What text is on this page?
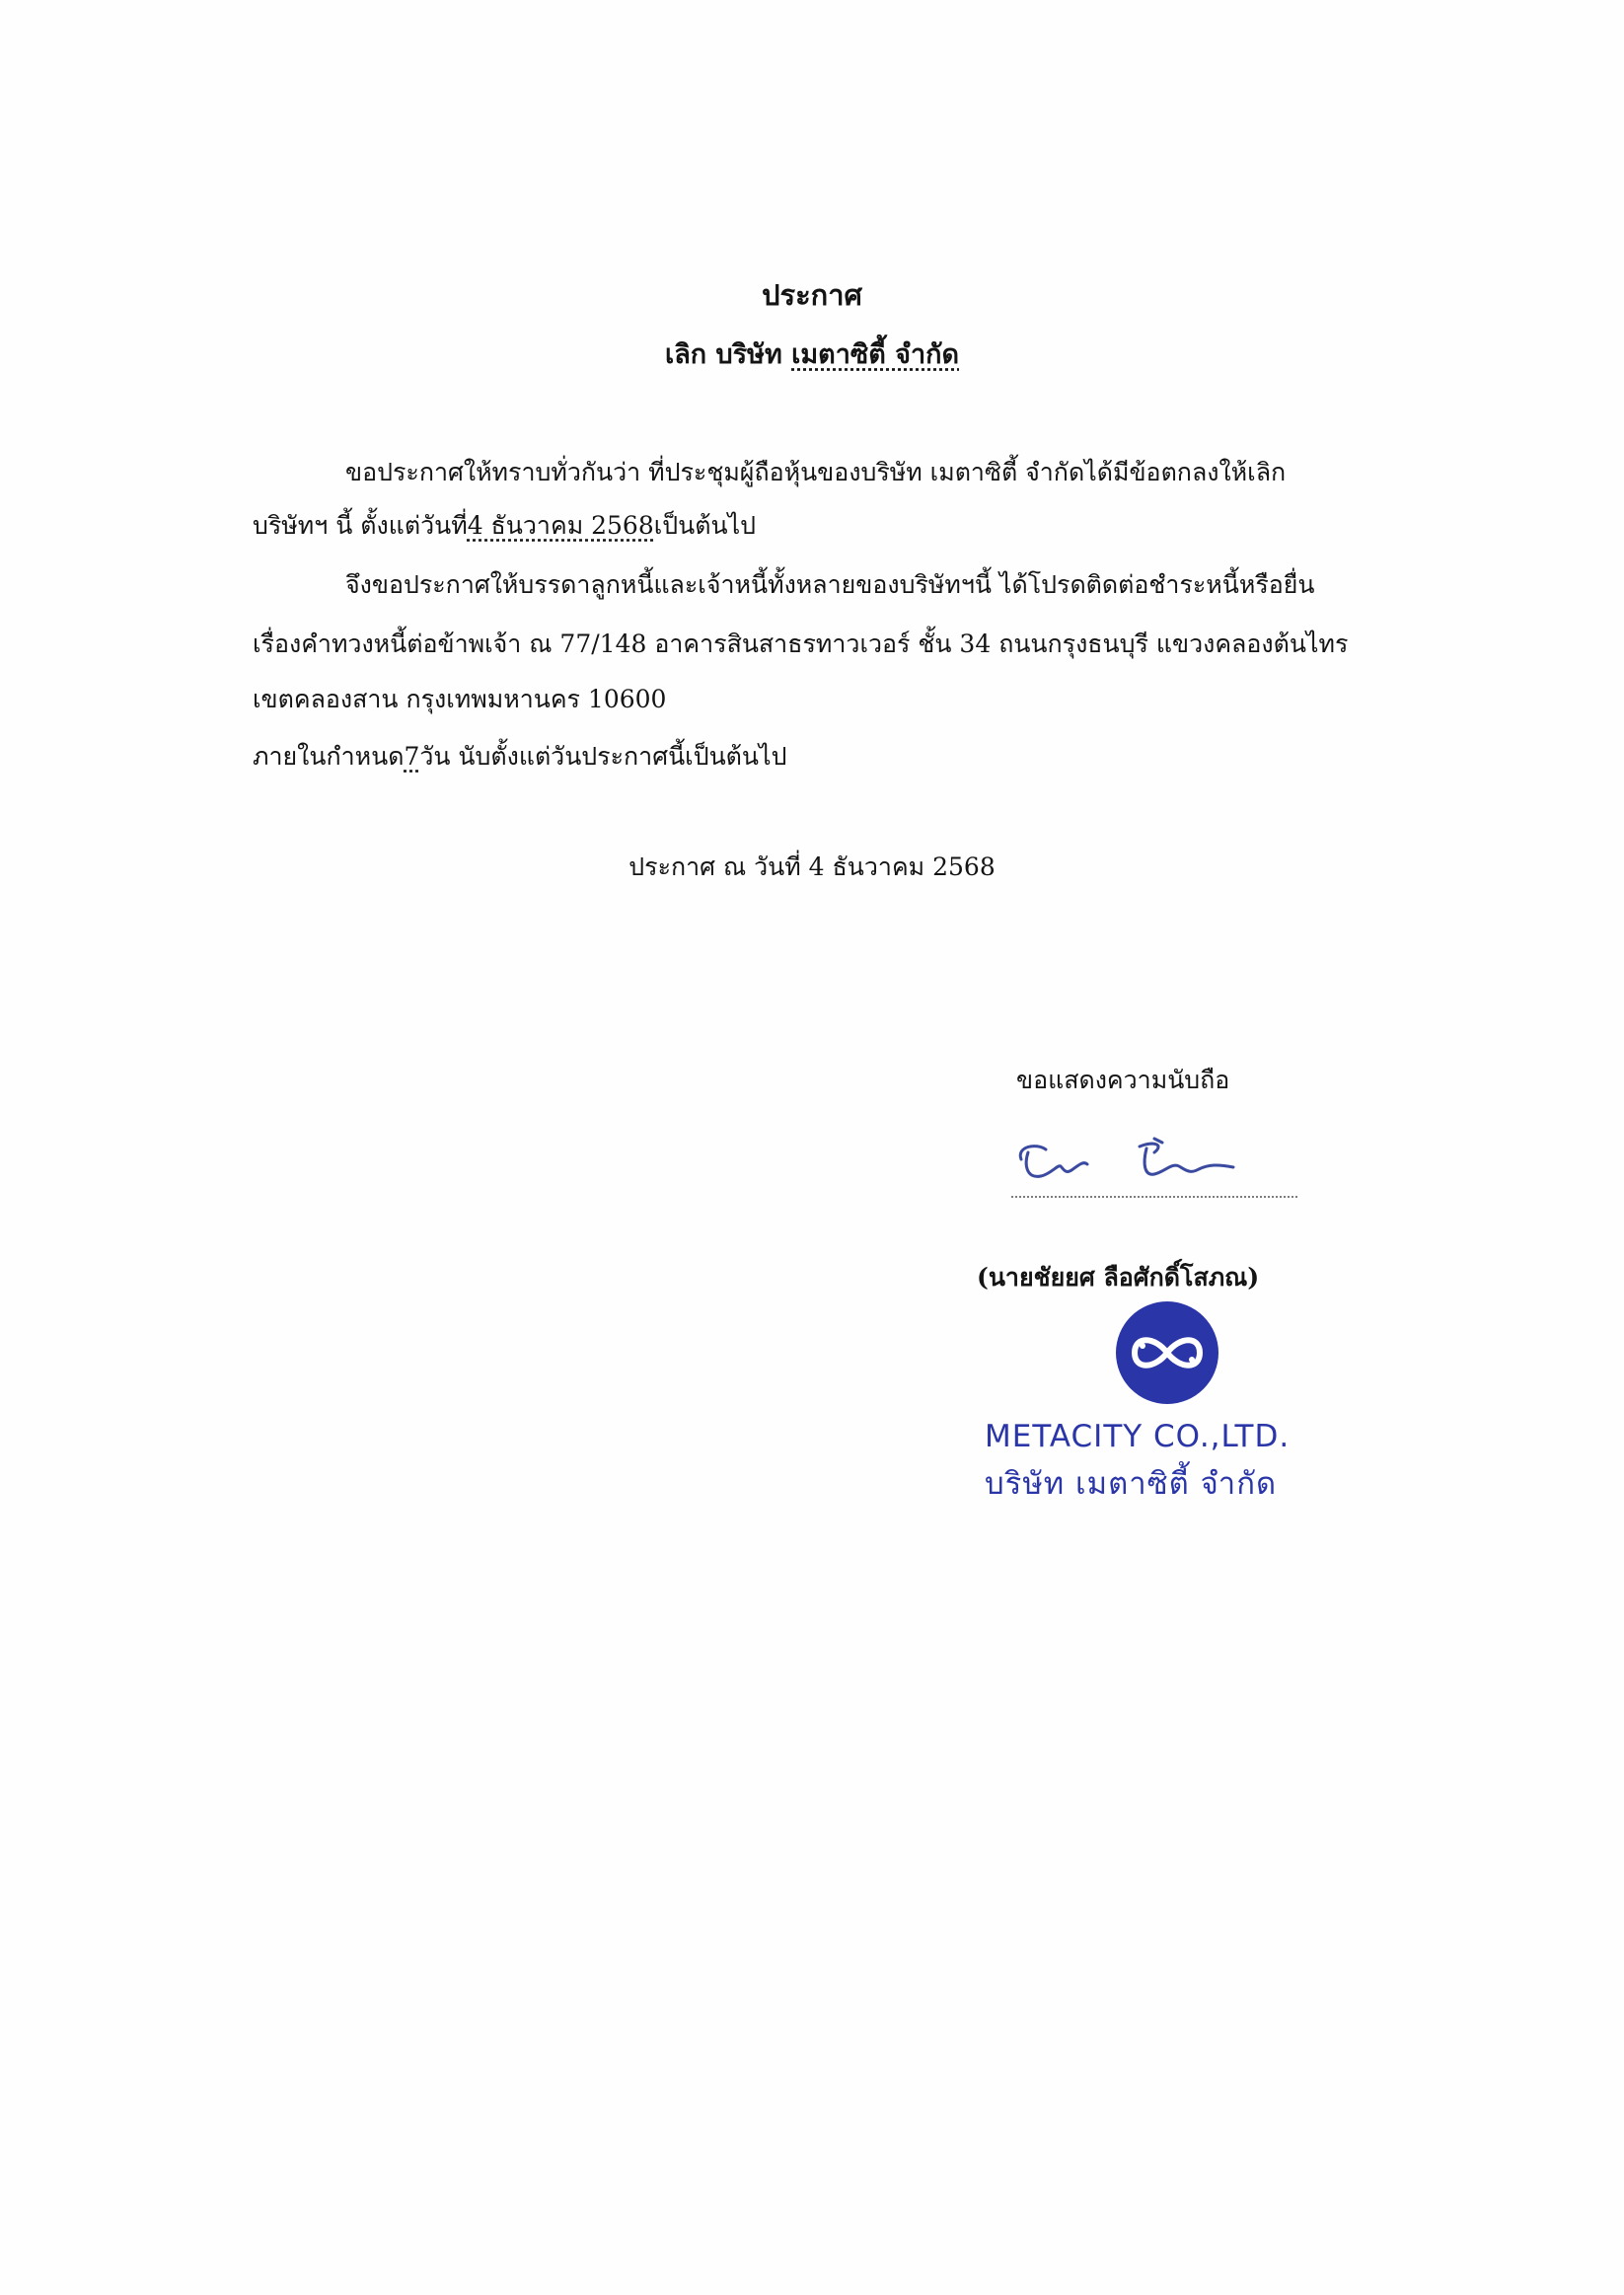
ประกาศ
เลิก บริษัท เมตาซิตี้ จำกัด
ขอประกาศให้ทราบทั่วกันว่า ที่ประชุมผู้ถือหุ้นของบริษัท เมตาซิตี้ จำกัดได้มีข้อตกลงให้เลิก
บริษัทฯ นี้ ตั้งแต่วันที่4 ธันวาคม 2568เป็นต้นไป
จึงขอประกาศให้บรรดาลูกหนี้และเจ้าหนี้ทั้งหลายของบริษัทฯนี้ ได้โปรดติดต่อชำระหนี้หรือยื่น
เรื่องคำทวงหนี้ต่อข้าพเจ้า ณ 77/148 อาคารสินสาธรทาวเวอร์ ชั้น 34 ถนนกรุงธนบุรี แขวงคลองต้นไทร
เขตคลองสาน กรุงเทพมหานคร 10600
ภายในกำหนด7วัน นับตั้งแต่วันประกาศนี้เป็นต้นไป
ประกาศ ณ วันที่ 4 ธันวาคม 2568
ขอแสดงความนับถือ
(นายชัยยศ ลือศักดิ์โสภณ)
METACITY CO.,LTD.
บริษัท เมตาซิตี้ จำกัด
